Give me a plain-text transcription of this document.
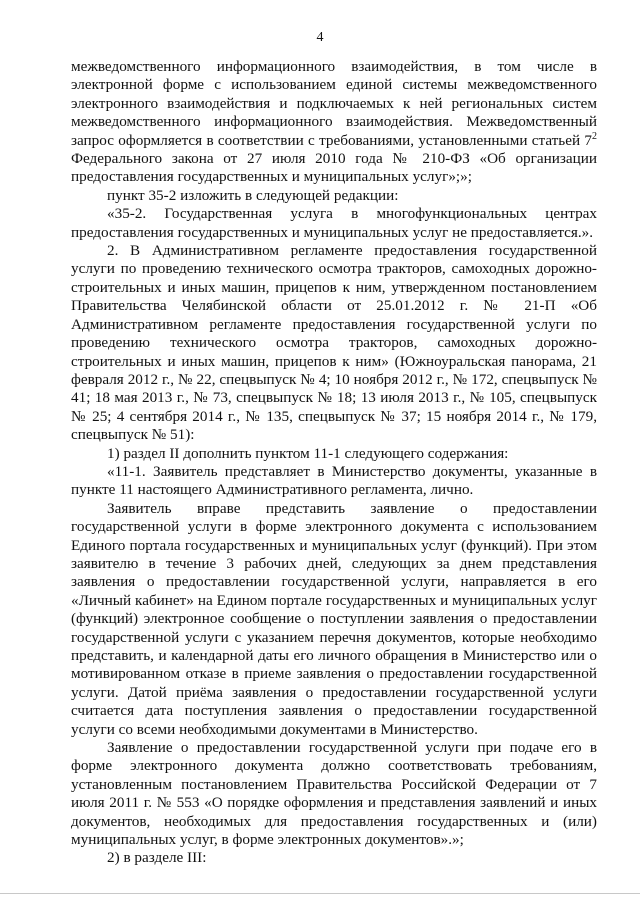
4

межведомственного информационного взаимодействия, в том числе в электронной форме с использованием единой системы межведомственного электронного взаимодействия и подключаемых к ней региональных систем межведомственного информационного взаимодействия. Межведомственный запрос оформляется в соответствии с требованиями, установленными статьей $7^2$ Федерального закона от 27 июля 2010 года № 210-ФЗ «Об организации предоставления государственных и муниципальных услуг»;»;

пункт 35-2 изложить в следующей редакции:

«35-2. Государственная услуга в многофункциональных центрах предоставления государственных и муниципальных услуг не предоставляется.».

2. В Административном регламенте предоставления государственной услуги по проведению технического осмотра тракторов, самоходных дорожно-строительных и иных машин, прицепов к ним, утвержденном постановлением Правительства Челябинской области от 25.01.2012 г. № 21-П «Об Административном регламенте предоставления государственной услуги по проведению технического осмотра тракторов, самоходных дорожно-строительных и иных машин, прицепов к ним» (Южноуральская панорама, 21 февраля 2012 г., № 22, спецвыпуск № 4; 10 ноября 2012 г., № 172, спецвыпуск № 41; 18 мая 2013 г., № 73, спецвыпуск № 18; 13 июля 2013 г., № 105, спецвыпуск № 25; 4 сентября 2014 г., № 135, спецвыпуск № 37; 15 ноября 2014 г., № 179, спецвыпуск № 51):

1) раздел II дополнить пунктом 11-1 следующего содержания:

«11-1. Заявитель представляет в Министерство документы, указанные в пункте 11 настоящего Административного регламента, лично.

Заявитель вправе представить заявление о предоставлении государственной услуги в форме электронного документа с использованием Единого портала государственных и муниципальных услуг (функций). При этом заявителю в течение 3 рабочих дней, следующих за днем представления заявления о предоставлении государственной услуги, направляется в его «Личный кабинет» на Едином портале государственных и муниципальных услуг (функций) электронное сообщение о поступлении заявления о предоставлении государственной услуги с указанием перечня документов, которые необходимо представить, и календарной даты его личного обращения в Министерство или о мотивированном отказе в приеме заявления о предоставлении государственной услуги. Датой приёма заявления о предоставлении государственной услуги считается дата поступления заявления о предоставлении государственной услуги со всеми необходимыми документами в Министерство.

Заявление о предоставлении государственной услуги при подаче его в форме электронного документа должно соответствовать требованиям, установленным постановлением Правительства Российской Федерации от 7 июля 2011 г. № 553 «О порядке оформления и представления заявлений и иных документов, необходимых для предоставления государственных и (или) муниципальных услуг, в форме электронных документов».»;

2) в разделе III:
